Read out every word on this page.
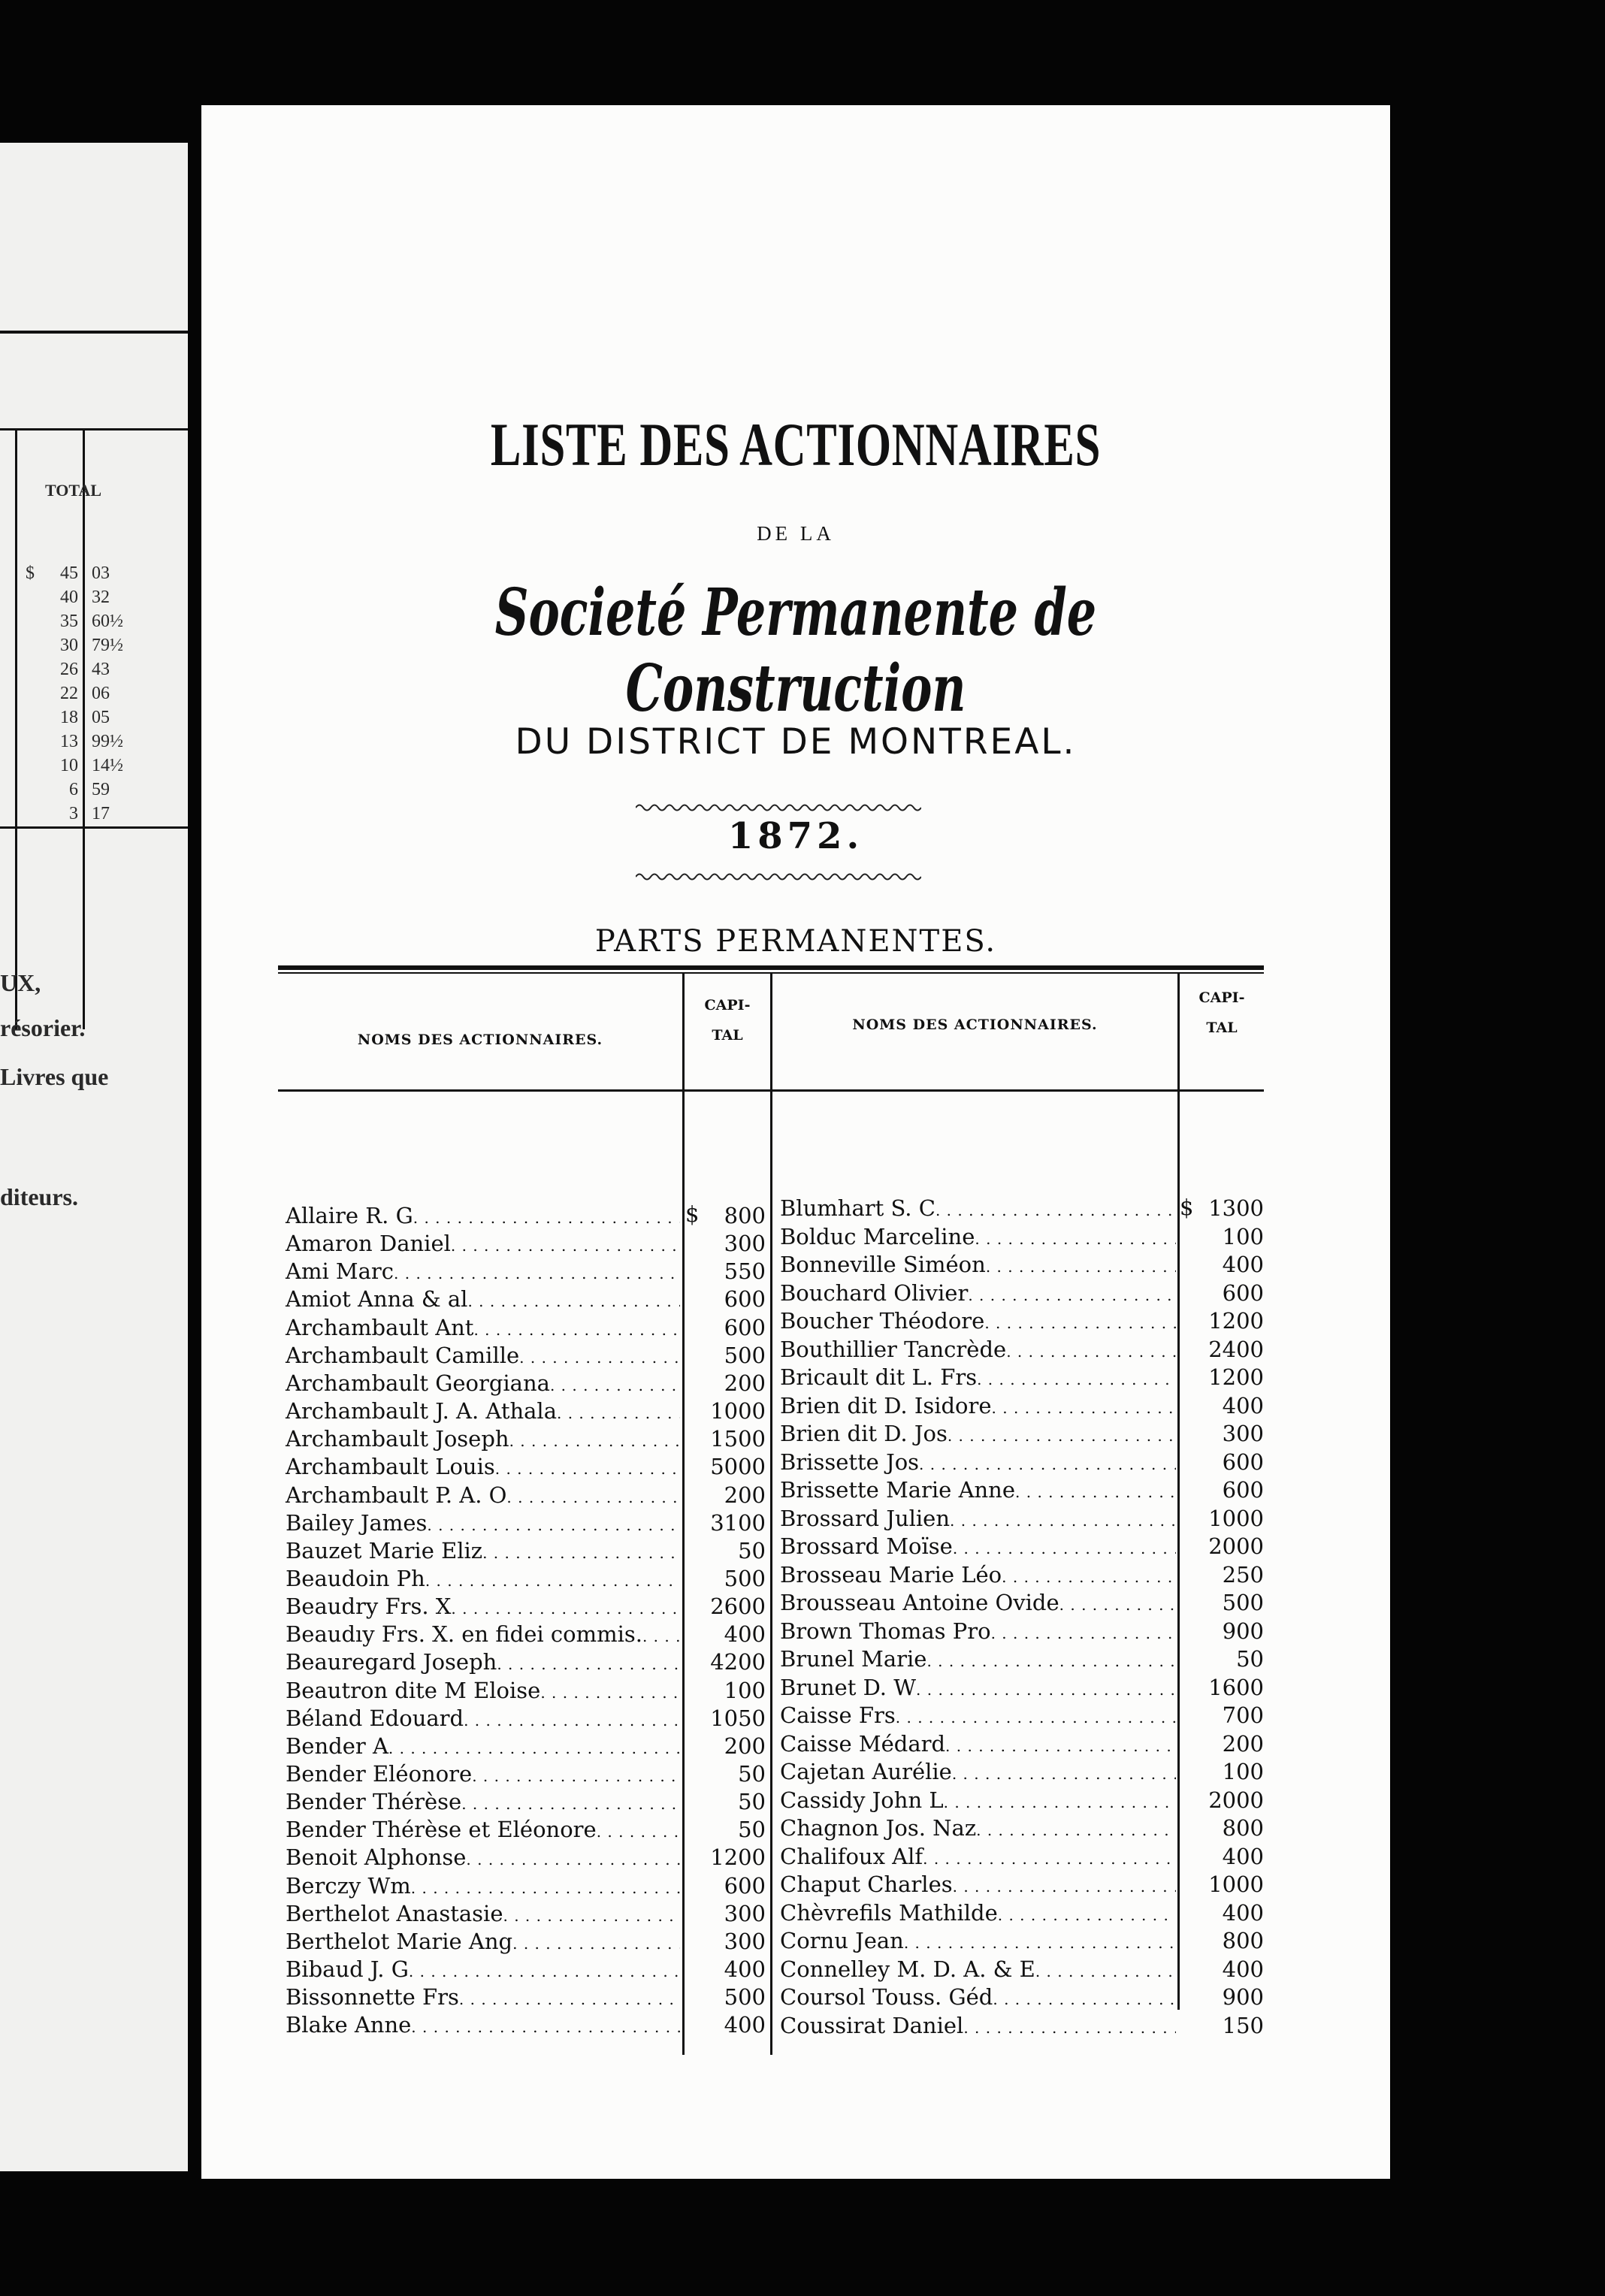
TOTAL
$	45 03
40 32
35 60½
30 79½
26 43
22 06
18 05
13 99½
10 14½
6 59
3 17
UX,
résorier.
Livres que
diteurs.
LISTE DES ACTIONNAIRES
DE LA
Societé Permanente de Construction
DU DISTRICT DE MONTREAL.
1872.
PARTS PERMANENTES.
NOMS DES ACTIONNAIRES.
CAPI-
TAL
NOMS DES ACTIONNAIRES.
CAPI-
TAL
$	$
Allaire R. G . . .	800
Amaron Daniel . . .	300
Ami Marc . . .	550
Amiot Anna & al . . .	600
Archambault Ant . . .	600
Archambault Camille . . .	500
Archambault Georgiana . . .	200
Archambault J. A. Athala . . .	1000
Archambault Joseph . . .	1500
Archambault Louis . . .	5000
Archambault P. A. O . . .	200
Bailey James . . .	3100
Bauzet Marie Eliz . . .	50
Beaudoin Ph . . .	500
Beaudry Frs. X . . .	2600
Beaudıy Frs. X. en fidei commis. . . .	400
Beauregard Joseph . . .	4200
Beautron dite M Eloise . . .	100
Béland Edouard . . .	1050
Bender A . . .	200
Bender Eléonore . . .	50
Bender Thérèse . . .	50
Bender Thérèse et Eléonore . . .	50
Benoit Alphonse . . .	1200
Berczy Wm . . .	600
Berthelot Anastasie . . .	300
Berthelot Marie Ang . . .	300
Bibaud J. G . . .	400
Bissonnette Frs . . .	500
Blake Anne . . .	400
Blumhart S. C . . .	1300
Bolduc Marceline . . .	100
Bonneville Siméon . . .	400
Bouchard Olivier . . .	600
Boucher Théodore . . .	1200
Bouthillier Tancrède . . .	2400
Bricault dit L. Frs . . .	1200
Brien dit D. Isidore . . .	400
Brien dit D. Jos . . .	300
Brissette Jos . . .	600
Brissette Marie Anne . . .	600
Brossard Julien . . .	1000
Brossard Moïse . . .	2000
Brosseau Marie Léo . . .	250
Brousseau Antoine Ovide . . .	500
Brown Thomas Pro . . .	900
Brunel Marie . . .	50
Brunet D. W . . .	1600
Caisse Frs . . .	700
Caisse Médard . . .	200
Cajetan Aurélie . . .	100
Cassidy John L . . .	2000
Chagnon Jos. Naz . . .	800
Chalifoux Alf . . .	400
Chaput Charles . . .	1000
Chèvrefils Mathilde . . .	400
Cornu Jean . . .	800
Connelley M. D. A. & E . . .	400
Coursol Touss. Géd . . .	900
Coussirat Daniel . . .	150
